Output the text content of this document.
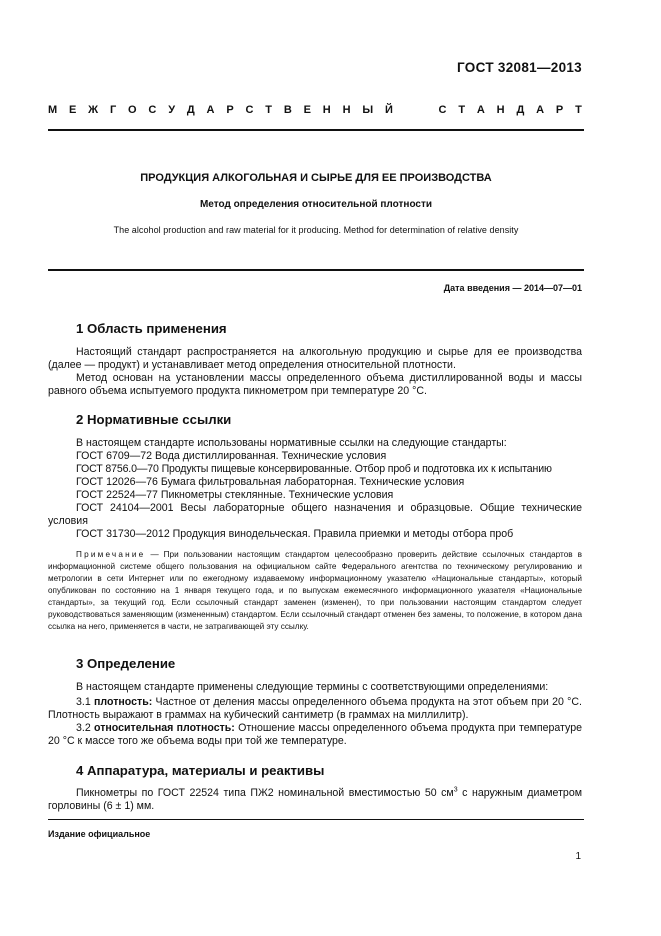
ГОСТ 32081—2013
М Е Ж Г О С У Д А Р С Т В Е Н Н Ы Й	С Т А Н Д А Р Т
ПРОДУКЦИЯ АЛКОГОЛЬНАЯ И СЫРЬЕ ДЛЯ ЕЕ ПРОИЗВОДСТВА
Метод определения относительной плотности
The alcohol production and raw material for it producing. Method for determination of relative density
Дата введения — 2014—07—01
1 Область применения
Настоящий стандарт распространяется на алкогольную продукцию и сырье для ее производства (далее — продукт) и устанавливает метод определения относительной плотности.
Метод основан на установлении массы определенного объема дистиллированной воды и массы равного объема испытуемого продукта пикнометром при температуре 20 °С.
2 Нормативные ссылки
В настоящем стандарте использованы нормативные ссылки на следующие стандарты:
ГОСТ 6709—72 Вода дистиллированная. Технические условия
ГОСТ 8756.0—70 Продукты пищевые консервированные. Отбор проб и подготовка их к испытанию
ГОСТ 12026—76 Бумага фильтровальная лабораторная. Технические условия
ГОСТ 22524—77 Пикнометры стеклянные. Технические условия
ГОСТ 24104—2001 Весы лабораторные общего назначения и образцовые. Общие технические условия
ГОСТ 31730—2012 Продукция винодельческая. Правила приемки и методы отбора проб
Примечание — При пользовании настоящим стандартом целесообразно проверить действие ссылочных стандартов в информационной системе общего пользования на официальном сайте Федерального агентства по техническому регулированию и метрологии в сети Интернет или по ежегодному издаваемому информационному указателю «Национальные стандарты», который опубликован по состоянию на 1 января текущего года, и по выпускам ежемесячного информационного указателя «Национальные стандарты», за текущий год. Если ссылочный стандарт заменен (изменен), то при пользовании настоящим стандартом следует руководствоваться заменяющим (измененным) стандартом. Если ссылочный стандарт отменен без замены, то положение, в котором дана ссылка на него, применяется в части, не затрагивающей эту ссылку.
3 Определение
В настоящем стандарте применены следующие термины с соответствующими определениями:
3.1 плотность: Частное от деления массы определенного объема продукта на этот объем при 20 °С. Плотность выражают в граммах на кубический сантиметр (в граммах на миллилитр).
3.2 относительная плотность: Отношение массы определенного объема продукта при температуре 20 °С к массе того же объема воды при той же температуре.
4 Аппаратура, материалы и реактивы
Пикнометры по ГОСТ 22524 типа ПЖ2 номинальной вместимостью 50 $см^3$ с наружным диаметром горловины (6 ± 1) мм.
Издание официальное
1
